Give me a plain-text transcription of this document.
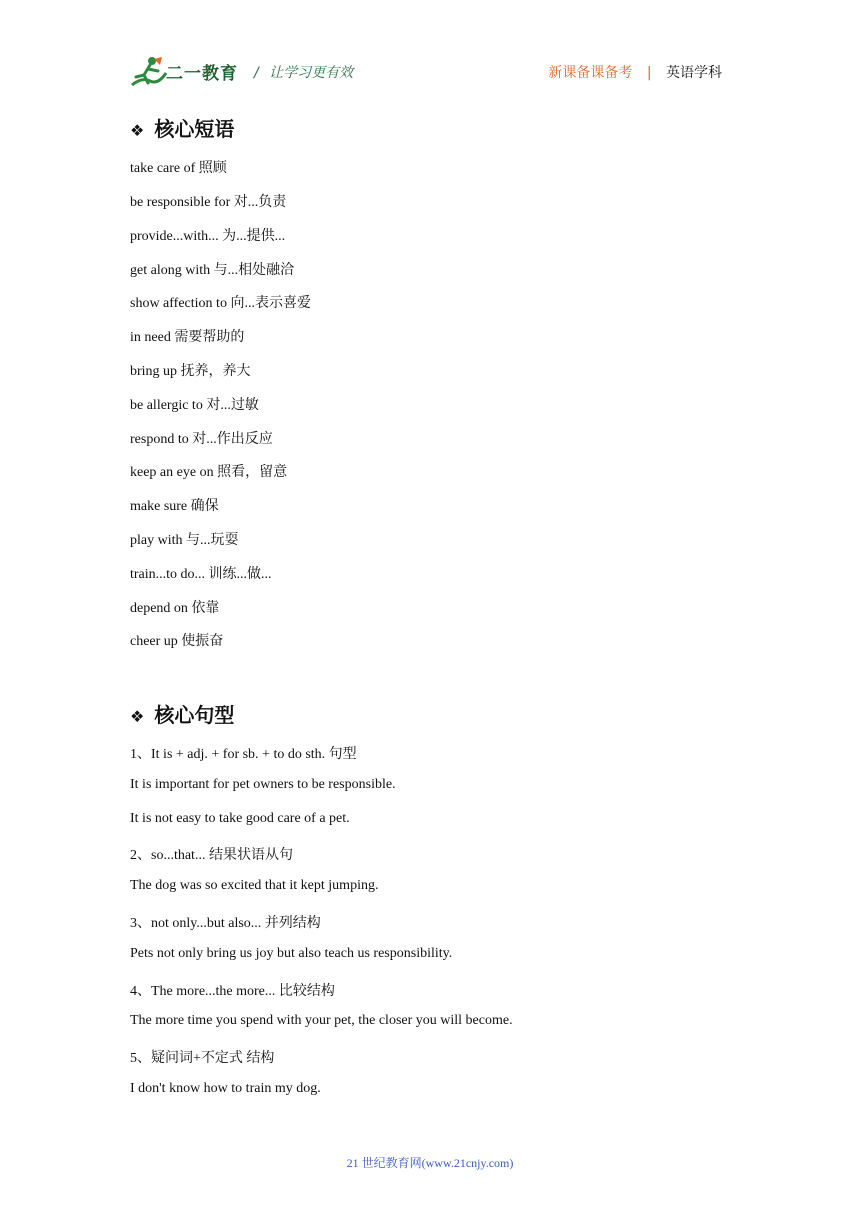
二一教育 / 让学习更有效	新课备课备考 | 英语学科
❖ 核心短语
take care of 照顾
be responsible for 对...负责
provide...with... 为...提供...
get along with 与...相处融洽
show affection to 向...表示喜爱
in need 需要帮助的
bring up 抚养，养大
be allergic to 对...过敏
respond to 对...作出反应
keep an eye on 照看，留意
make sure 确保
play with 与...玩耍
train...to do... 训练...做...
depend on 依靠
cheer up 使振奋
❖ 核心句型
1、It is + adj. + for sb. + to do sth. 句型
It is important for pet owners to be responsible.
It is not easy to take good care of a pet.
2、so...that... 结果状语从句
The dog was so excited that it kept jumping.
3、not only...but also... 并列结构
Pets not only bring us joy but also teach us responsibility.
4、The more...the more... 比较结构
The more time you spend with your pet, the closer you will become.
5、疑问词+不定式 结构
I don't know how to train my dog.
21 世纪教育网(www.21cnjy.com)
